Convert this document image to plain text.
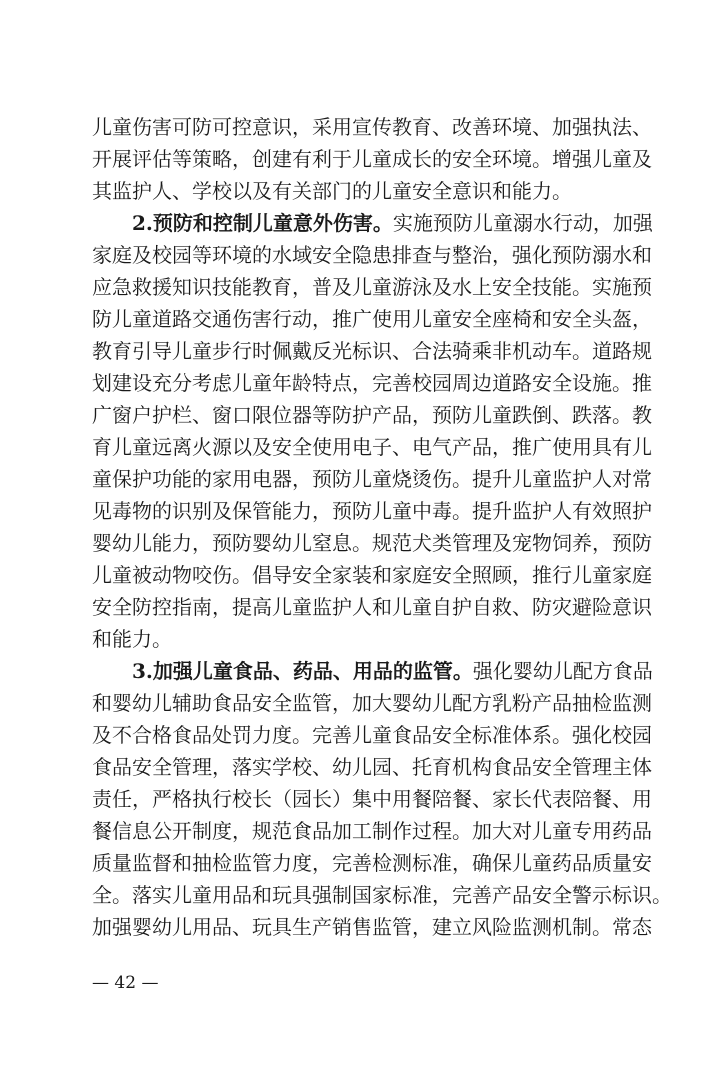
儿童伤害可防可控意识，采用宣传教育、改善环境、加强执法、
开展评估等策略，创建有利于儿童成长的安全环境。增强儿童及
其监护人、学校以及有关部门的儿童安全意识和能力。
2.预防和控制儿童意外伤害。实施预防儿童溺水行动，加强
家庭及校园等环境的水域安全隐患排查与整治，强化预防溺水和
应急救援知识技能教育，普及儿童游泳及水上安全技能。实施预
防儿童道路交通伤害行动，推广使用儿童安全座椅和安全头盔，
教育引导儿童步行时佩戴反光标识、合法骑乘非机动车。道路规
划建设充分考虑儿童年龄特点，完善校园周边道路安全设施。推
广窗户护栏、窗口限位器等防护产品，预防儿童跌倒、跌落。教
育儿童远离火源以及安全使用电子、电气产品，推广使用具有儿
童保护功能的家用电器，预防儿童烧烫伤。提升儿童监护人对常
见毒物的识别及保管能力，预防儿童中毒。提升监护人有效照护
婴幼儿能力，预防婴幼儿窒息。规范犬类管理及宠物饲养，预防
儿童被动物咬伤。倡导安全家装和家庭安全照顾，推行儿童家庭
安全防控指南，提高儿童监护人和儿童自护自救、防灾避险意识
和能力。
3.加强儿童食品、药品、用品的监管。强化婴幼儿配方食品
和婴幼儿辅助食品安全监管，加大婴幼儿配方乳粉产品抽检监测
及不合格食品处罚力度。完善儿童食品安全标准体系。强化校园
食品安全管理，落实学校、幼儿园、托育机构食品安全管理主体
责任，严格执行校长（园长）集中用餐陪餐、家长代表陪餐、用
餐信息公开制度，规范食品加工制作过程。加大对儿童专用药品
质量监督和抽检监管力度，完善检测标准，确保儿童药品质量安
全。落实儿童用品和玩具强制国家标准，完善产品安全警示标识。
加强婴幼儿用品、玩具生产销售监管，建立风险监测机制。常态
— 42 —
